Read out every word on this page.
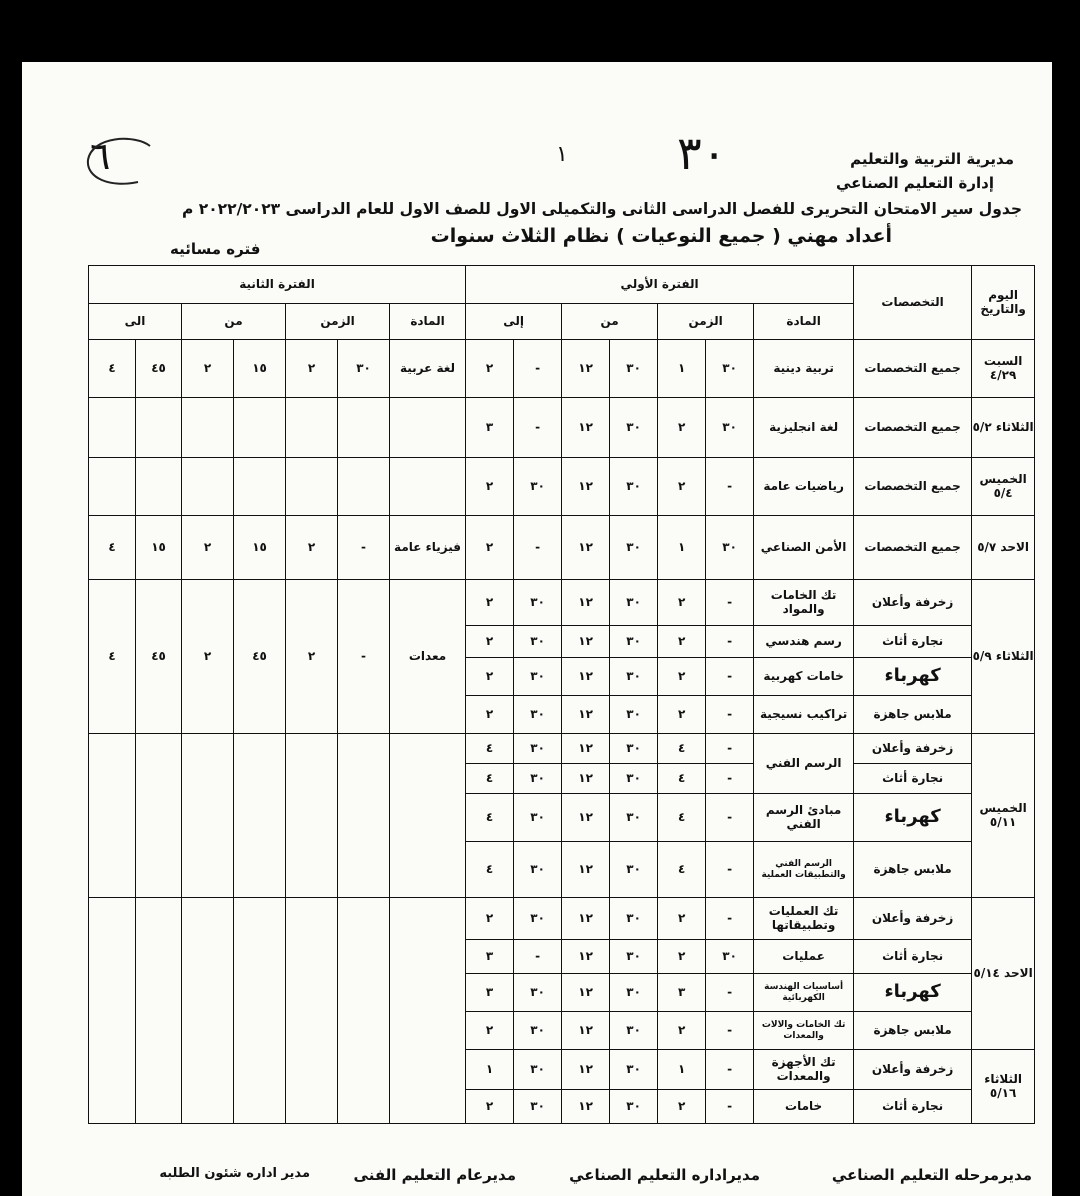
مديرية التربية والتعليم
إدارة التعليم الصناعي
جدول سير الامتحان التحريرى للفصل الدراسى الثانى والتكميلى الاول للصف الاول للعام الدراسى ٢٠٢٢/٢٠٢٣ م
أعداد مهني ( جميع النوعيات ) نظام الثلاث سنوات
فتره مسائيه
٦	١ ٣٠
اليوم والتاريخ	التخصصات	الفترة الأولي							الفترة الثانية						
		المادة	الزمن		من		إلى		المادة	الزمن		من		الى	
السبت ٤/٢٩	جميع التخصصات	تربية دينية	٣٠	١	٣٠	١٢	-	٢	لغة عربية	٣٠	٢	١٥	٢	٤٥	٤
الثلاثاء ٥/٢	جميع التخصصات	لغة انجليزية	٣٠	٢	٣٠	١٢	-	٣							
الخميس ٥/٤	جميع التخصصات	رياضيات عامة	-	٢	٣٠	١٢	٣٠	٢							
الاحد ٥/٧	جميع التخصصات	الأمن الصناعي	٣٠	١	٣٠	١٢	-	٢	فيزياء عامة	-	٢	١٥	٢	١٥	٤
الثلاثاء ٥/٩	زخرفة وأعلان	تك الخامات والمواد	-	٢	٣٠	١٢	٣٠	٢	معدات	-	٢	٤٥	٢	٤٥	٤
	نجارة أثاث	رسم هندسي	-	٢	٣٠	١٢	٣٠	٢							
	كهرباء	خامات كهربية	-	٢	٣٠	١٢	٣٠	٢							
	ملابس جاهزة	تراكيب نسيجية	-	٢	٣٠	١٢	٣٠	٢							
الخميس ٥/١١	زخرفة وأعلان	الرسم الفني	-	٤	٣٠	١٢	٣٠	٤							
	نجارة أثاث		-	٤	٣٠	١٢	٣٠	٤							
	كهرباء	مبادئ الرسم الفني	-	٤	٣٠	١٢	٣٠	٤							
	ملابس جاهزة	الرسم الفني والتطبيقات العملية	-	٤	٣٠	١٢	٣٠	٤							
الاحد ٥/١٤	زخرفة وأعلان	تك العمليات وتطبيقاتها	-	٢	٣٠	١٢	٣٠	٢							
	نجارة أثاث	عمليات	٣٠	٢	٣٠	١٢	-	٣							
	كهرباء	أساسيات الهندسة الكهربائية	-	٣	٣٠	١٢	٣٠	٣							
	ملابس جاهزة	تك الخامات والالات والمعدات	-	٢	٣٠	١٢	٣٠	٢							
الثلاثاء ٥/١٦	زخرفة وأعلان	تك الأجهزة والمعدات	-	١	٣٠	١٢	٣٠	١							
	نجارة أثاث	خامات	-	٢	٣٠	١٢	٣٠	٢							
مديرمرحله التعليم الصناعي
مديراداره التعليم الصناعي
مديرعام التعليم الفنى
مدير اداره شئون الطلبه
